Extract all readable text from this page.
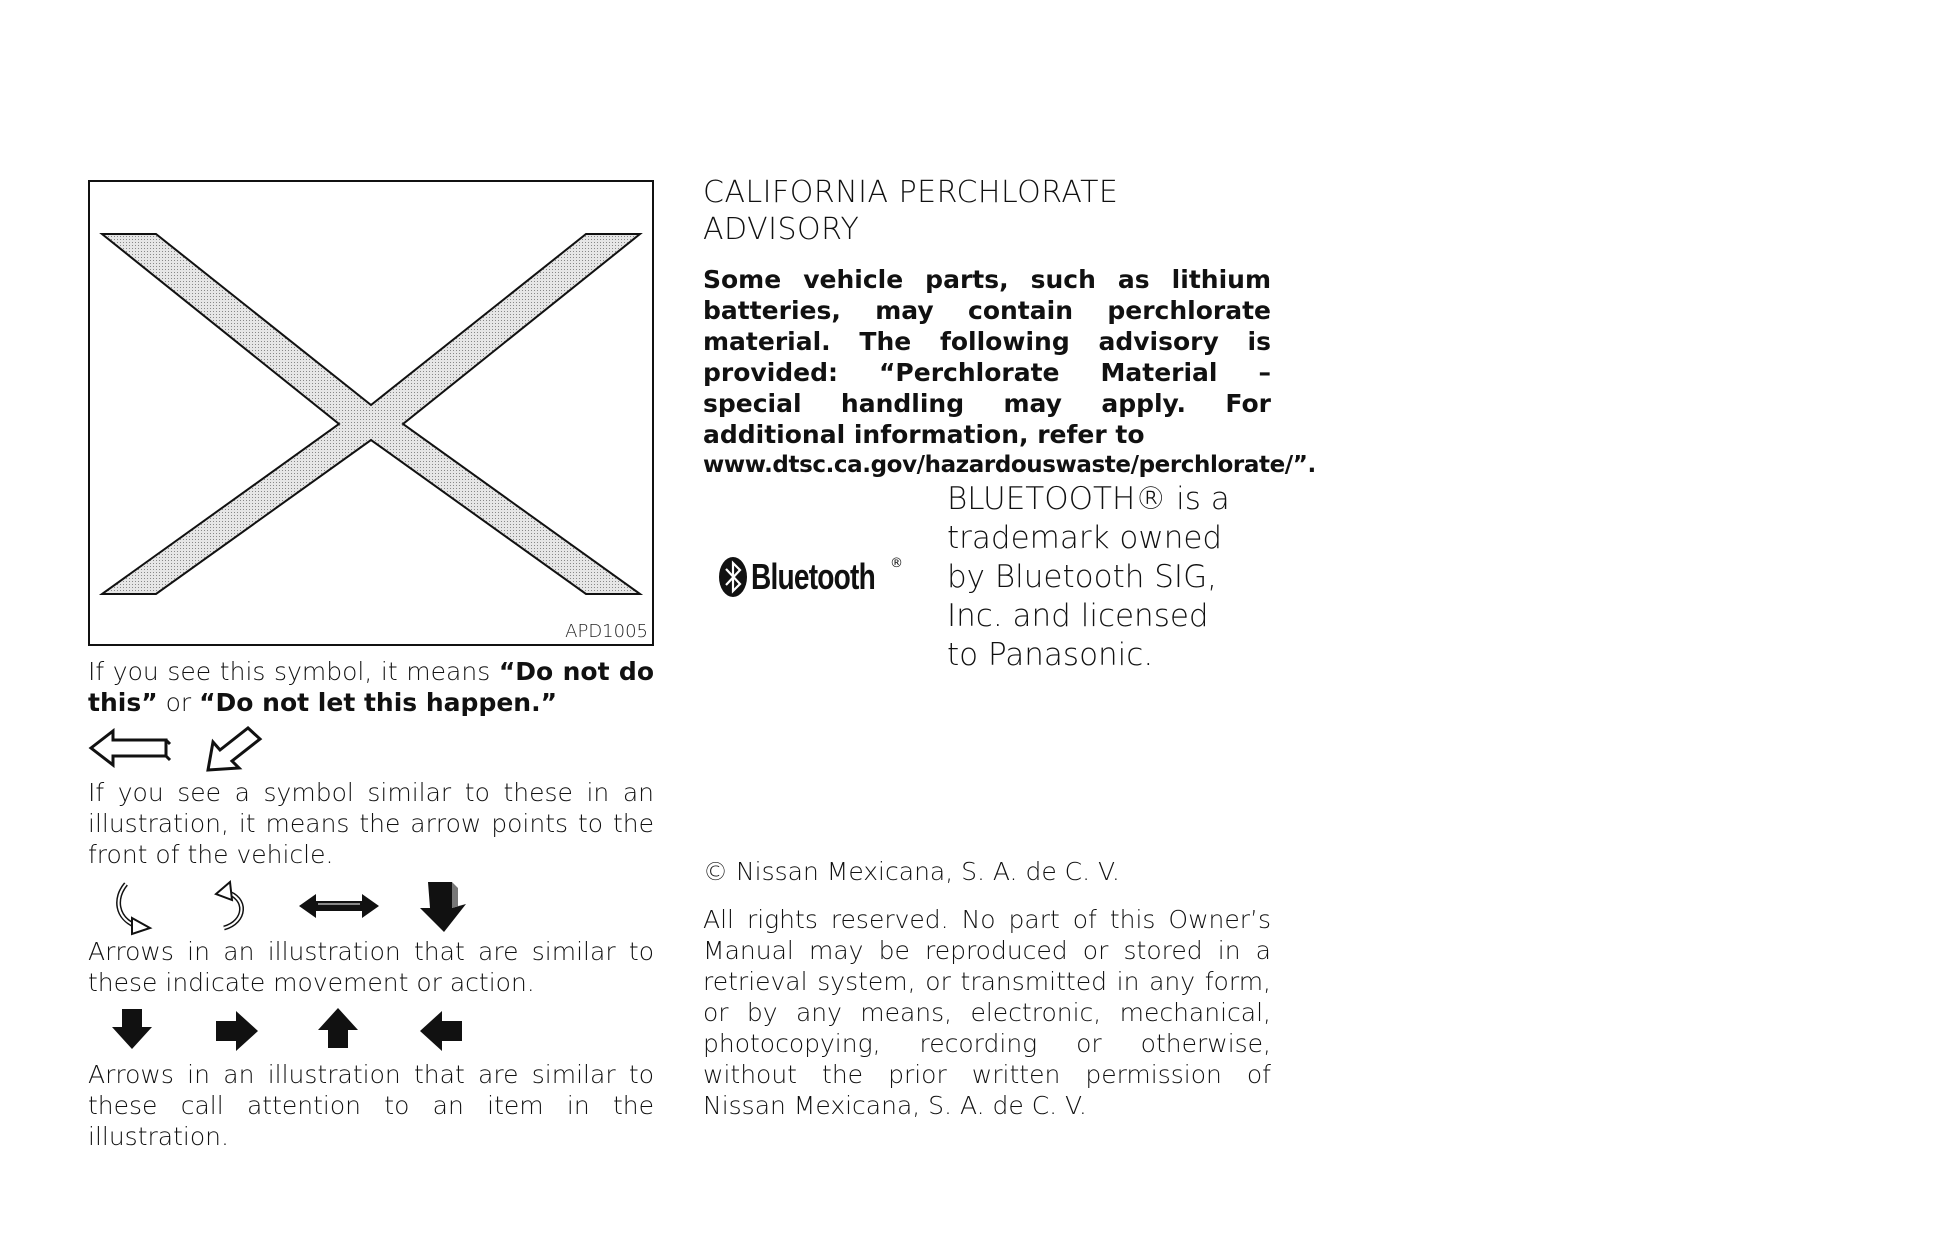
APD1005
If you see this symbol, it means “Do not do this” or “Do not let this happen.”
If you see a symbol similar to these in an illustration, it means the arrow points to the front of the vehicle.
Arrows in an illustration that are similar to these indicate movement or action.
Arrows in an illustration that are similar to these call attention to an item in the illustration.
CALIFORNIA PERCHLORATE
ADVISORY
Some vehicle parts, such as lithium batteries, may contain perchlorate material. The following advisory is provided: “Perchlorate Material – special handling may apply. For additional information, refer to
www.dtsc.ca.gov/hazardouswaste/perchlorate/”.
Bluetooth ®
BLUETOOTH® is a
trademark owned
by Bluetooth SIG,
Inc. and licensed
to Panasonic.
© Nissan Mexicana, S. A. de C. V.
All rights reserved. No part of this Owner’s Manual may be reproduced or stored in a retrieval system, or transmitted in any form, or by any means, electronic, mechanical, photocopying, recording or otherwise, without the prior written permission of Nissan Mexicana, S. A. de C. V.
